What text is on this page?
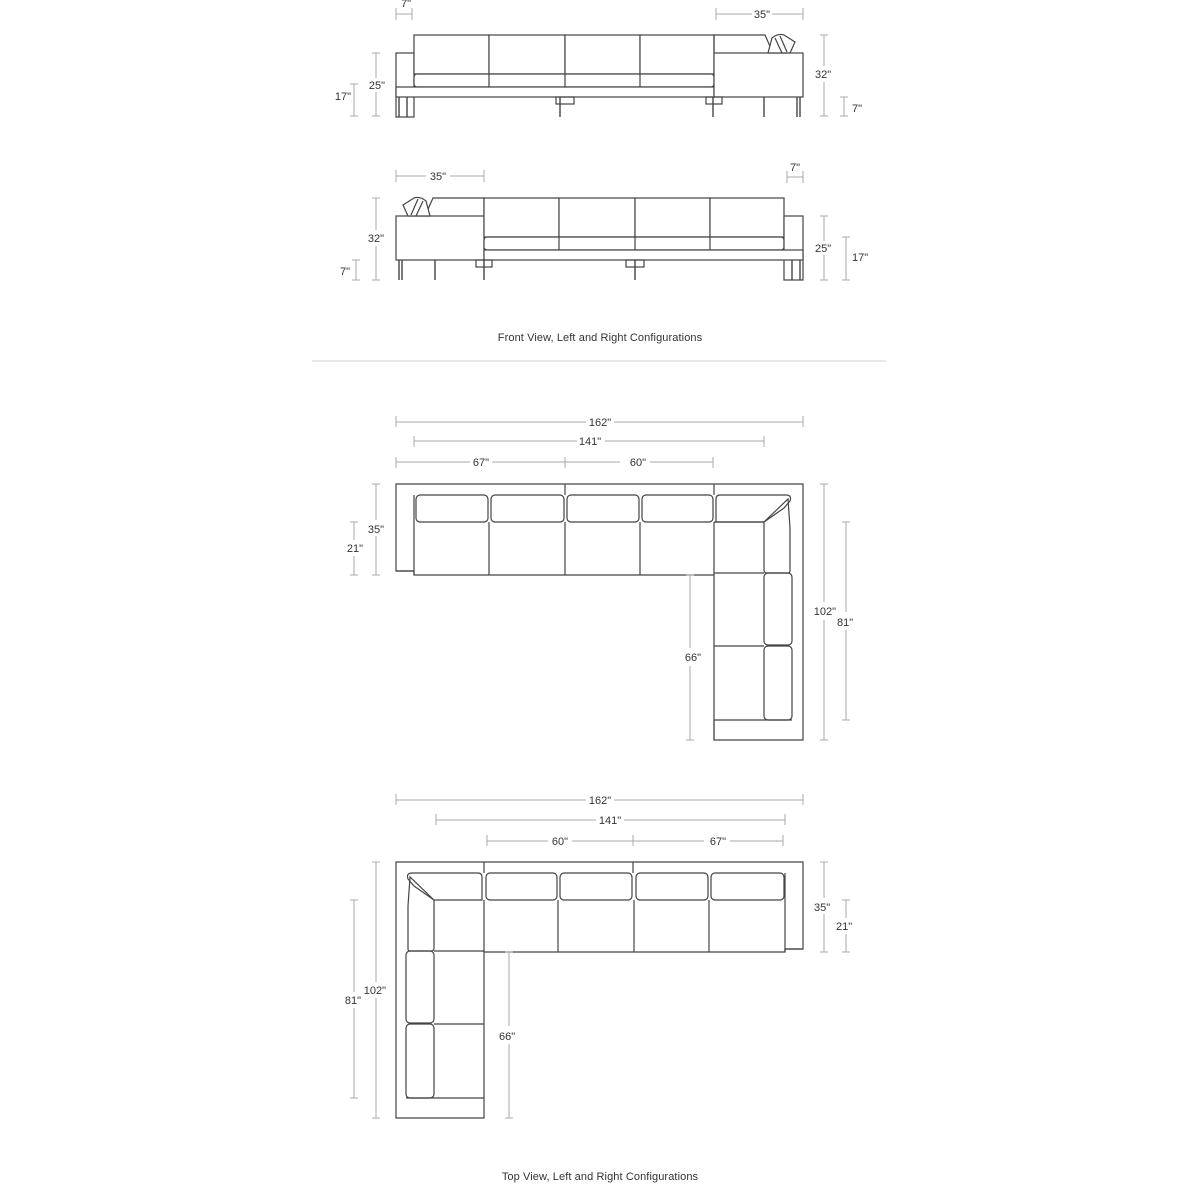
7"
35"
17"
25"
32"
7"
35"
7"
32"
7"
25"
17"
Front View, Left and Right Configurations
162"
141"
67"	60"
35"
21"
66"
102"
81"
162"
141"
60"	67"
102"
81"
66"
35"
21"
Top View, Left and Right Configurations
